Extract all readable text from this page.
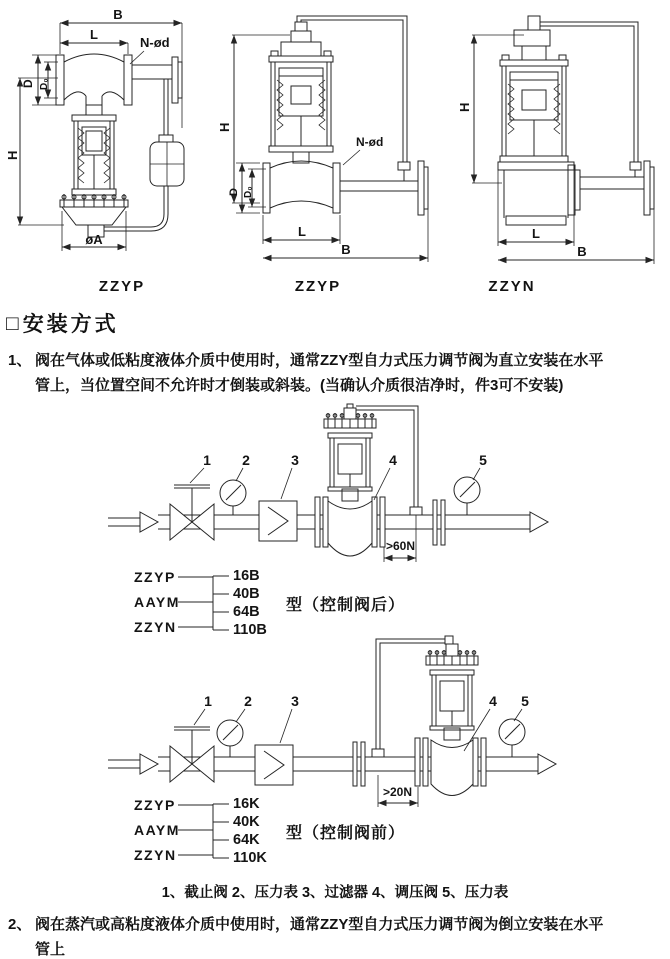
B
L
N-ød
H
D D₀
øA
H
D D₀
N-ød
L
B
H
L
B
ZZYP	ZZYP	ZZYN
□ 安装方式
1、 阀在气体或低粘度液体介质中使用时，通常ZZY型自力式压力调节阀为直立安装在水平
管上，当位置空间不允许时才倒装或斜装。(当确认介质很洁净时，件3可不安装)
>60N
1 2	3	4	5
ZZYP
AAYM
ZZYN
16B
40B
64B
110B
型（控制阀后）
>20N
1 2	3	4 5
ZZYP
AAYM
ZZYN
16K
40K
64K
110K
型（控制阀前）
1、截止阀 2、压力表 3、过滤器 4、调压阀 5、压力表
2、 阀在蒸汽或高粘度液体介质中使用时，通常ZZY型自力式压力调节阀为倒立安装在水平
管上
